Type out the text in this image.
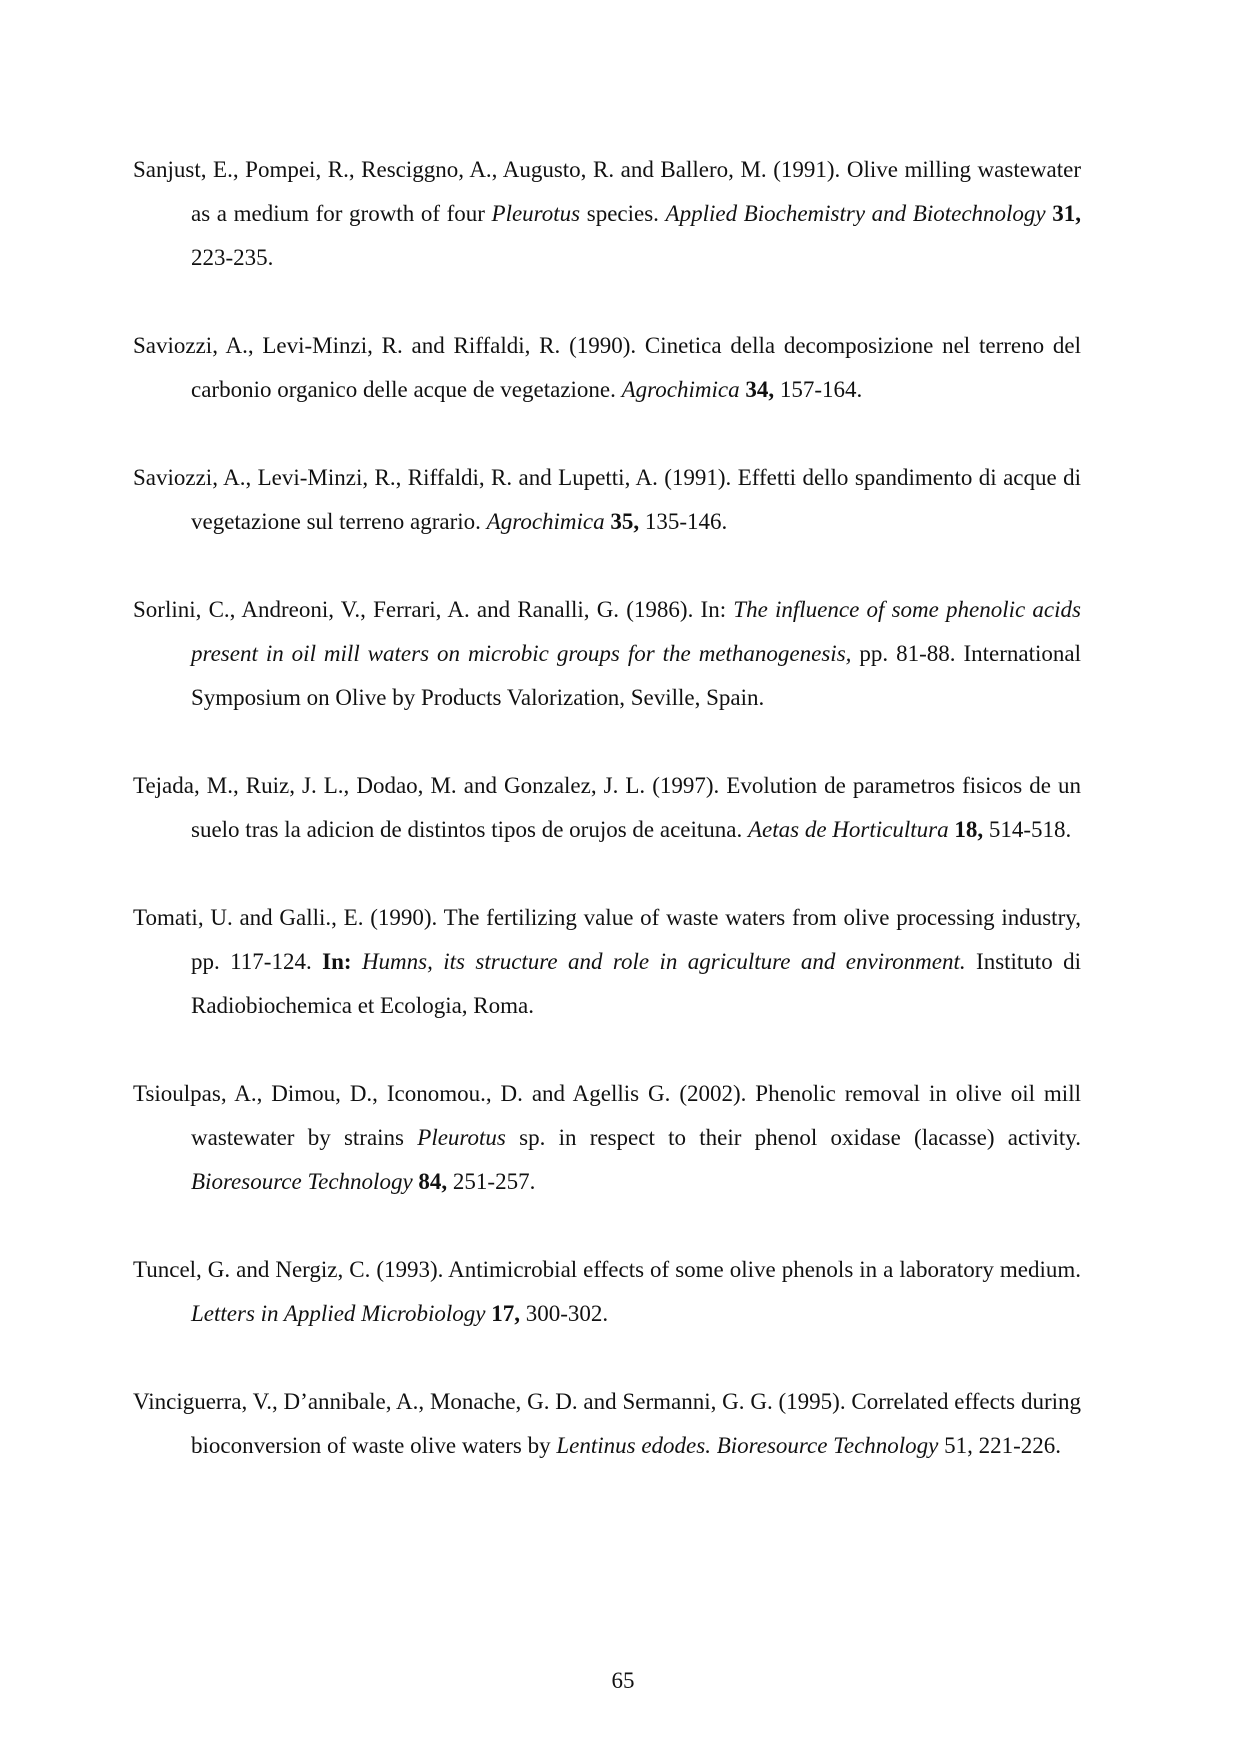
Sanjust, E., Pompei, R., Resciggno, A., Augusto, R. and Ballero, M. (1991). Olive milling wastewater as a medium for growth of four Pleurotus species. Applied Biochemistry and Biotechnology 31, 223-235.

Saviozzi, A., Levi-Minzi, R. and Riffaldi, R. (1990). Cinetica della decomposizione nel terreno del carbonio organico delle acque de vegetazione. Agrochimica 34, 157-164.

Saviozzi, A., Levi-Minzi, R., Riffaldi, R. and Lupetti, A. (1991). Effetti dello spandimento di acque di vegetazione sul terreno agrario. Agrochimica 35, 135-146.

Sorlini, C., Andreoni, V., Ferrari, A. and Ranalli, G. (1986). In: The influence of some phenolic acids present in oil mill waters on microbic groups for the methanogenesis, pp. 81-88. International Symposium on Olive by Products Valorization, Seville, Spain.

Tejada, M., Ruiz, J. L., Dodao, M. and Gonzalez, J. L. (1997). Evolution de parametros fisicos de un suelo tras la adicion de distintos tipos de orujos de aceituna. Aetas de Horticultura 18, 514-518.

Tomati, U. and Galli., E. (1990). The fertilizing value of waste waters from olive processing industry, pp. 117-124. In: Humns, its structure and role in agriculture and environment. Instituto di Radiobiochemica et Ecologia, Roma.

Tsioulpas, A., Dimou, D., Iconomou., D. and Agellis G. (2002). Phenolic removal in olive oil mill wastewater by strains Pleurotus sp. in respect to their phenol oxidase (lacasse) activity. Bioresource Technology 84, 251-257.

Tuncel, G. and Nergiz, C. (1993). Antimicrobial effects of some olive phenols in a laboratory medium. Letters in Applied Microbiology 17, 300-302.

Vinciguerra, V., D’annibale, A., Monache, G. D. and Sermanni, G. G. (1995). Correlated effects during bioconversion of waste olive waters by Lentinus edodes. Bioresource Technology 51, 221-226.

65
